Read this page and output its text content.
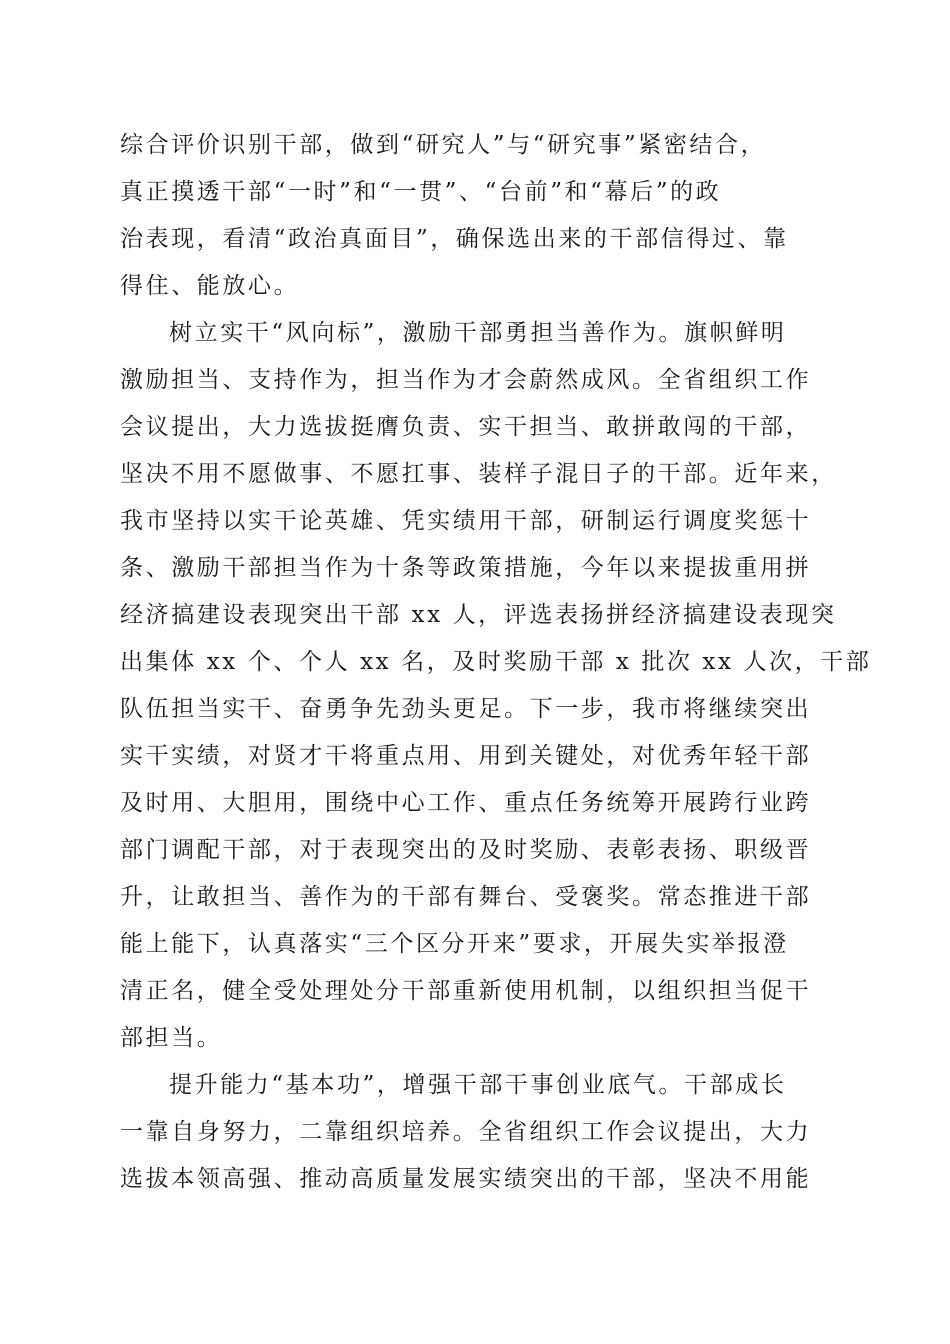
综合评价识别干部，做到“研究人”与“研究事”紧密结合，
真正摸透干部“一时”和“一贯”、“台前”和“幕后”的政
治表现，看清“政治真面目”，确保选出来的干部信得过、靠
得住、能放心。
树立实干“风向标”，激励干部勇担当善作为。旗帜鲜明
激励担当、支持作为，担当作为才会蔚然成风。全省组织工作
会议提出，大力选拔挺膺负责、实干担当、敢拼敢闯的干部，
坚决不用不愿做事、不愿扛事、装样子混日子的干部。近年来，
我市坚持以实干论英雄、凭实绩用干部，研制运行调度奖惩十
条、激励干部担当作为十条等政策措施，今年以来提拔重用拼
经济搞建设表现突出干部 xx 人，评选表扬拼经济搞建设表现突
出集体 xx 个、个人 xx 名，及时奖励干部 x 批次 xx 人次，干部
队伍担当实干、奋勇争先劲头更足。下一步，我市将继续突出
实干实绩，对贤才干将重点用、用到关键处，对优秀年轻干部
及时用、大胆用，围绕中心工作、重点任务统筹开展跨行业跨
部门调配干部，对于表现突出的及时奖励、表彰表扬、职级晋
升，让敢担当、善作为的干部有舞台、受褒奖。常态推进干部
能上能下，认真落实“三个区分开来”要求，开展失实举报澄
清正名，健全受处理处分干部重新使用机制，以组织担当促干
部担当。
提升能力“基本功”，增强干部干事创业底气。干部成长
一靠自身努力，二靠组织培养。全省组织工作会议提出，大力
选拔本领高强、推动高质量发展实绩突出的干部，坚决不用能
